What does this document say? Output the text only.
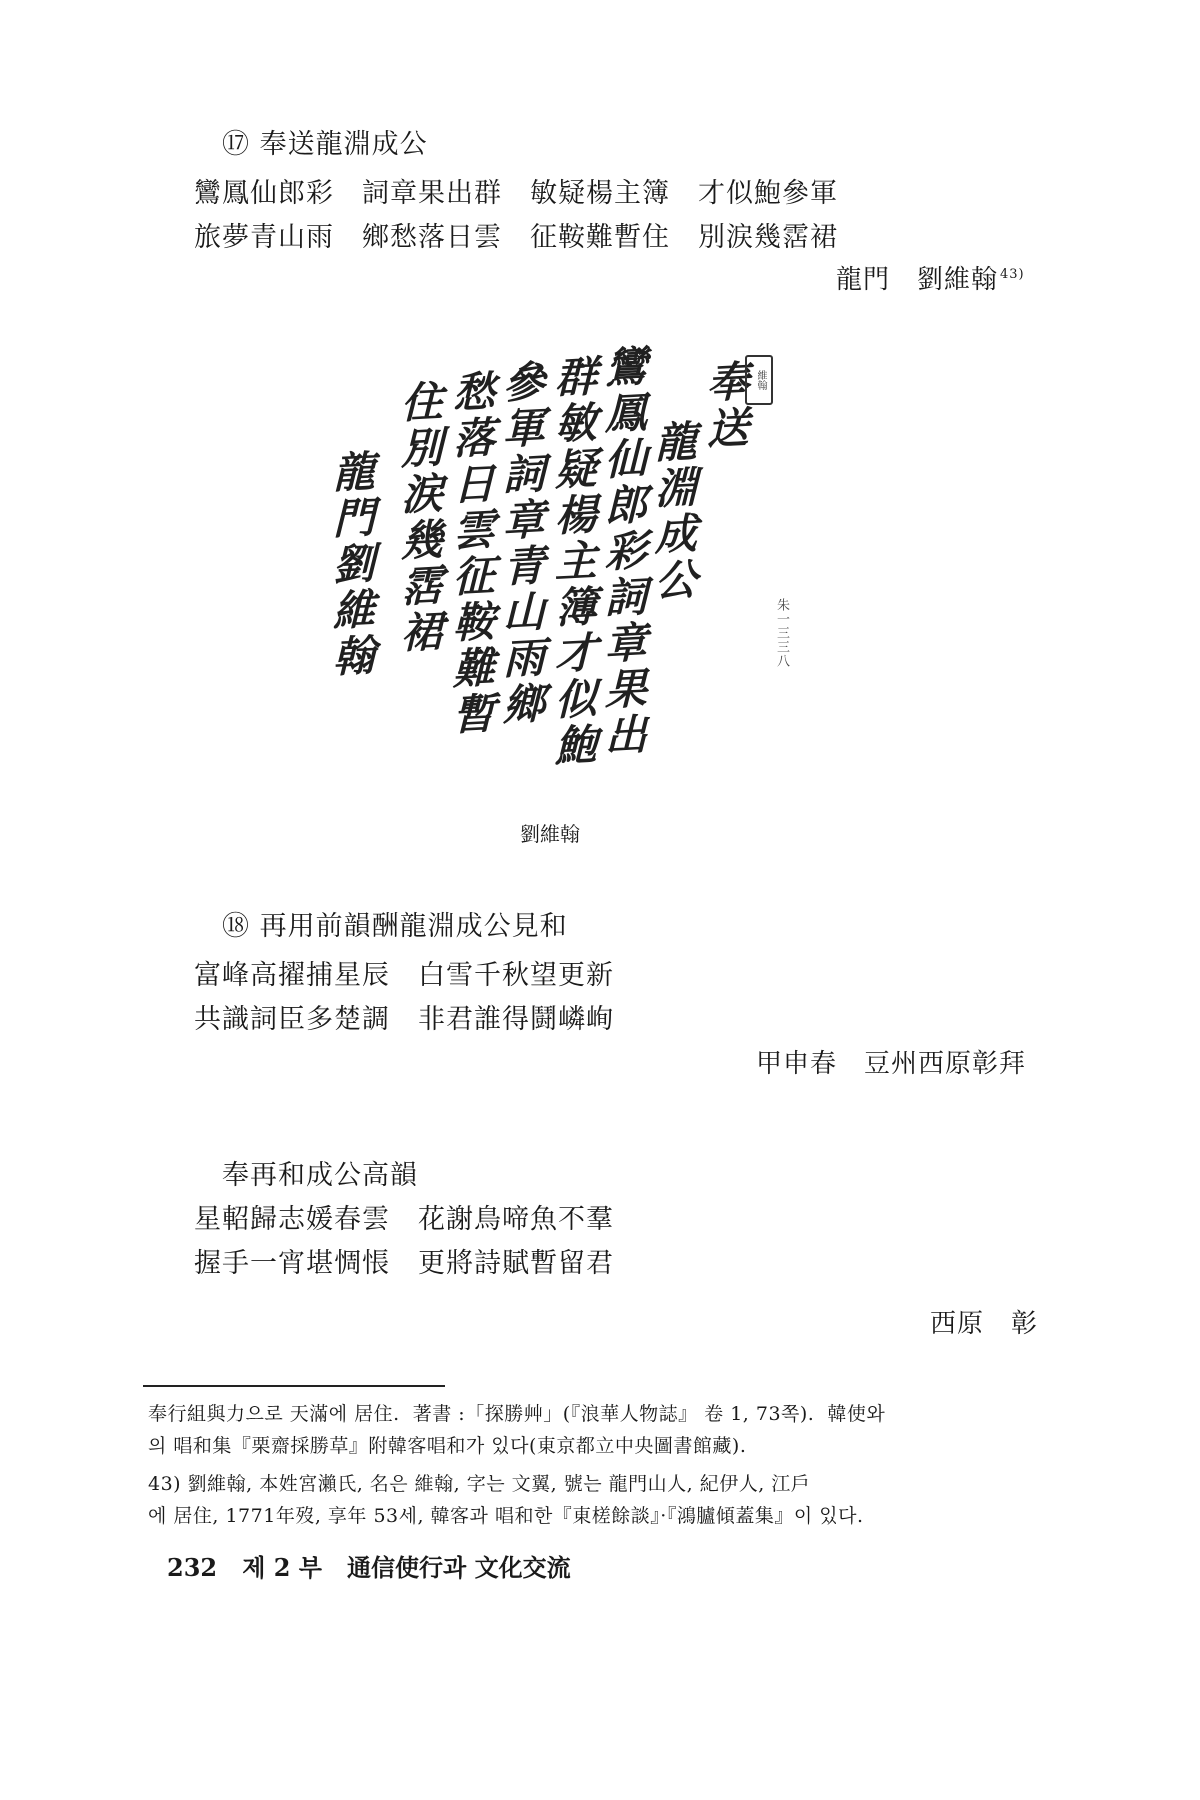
⑰ 奉送龍淵成公
鸞鳳仙郎彩　詞章果出群　敏疑楊主簿　才似鮑參軍
旅夢青山雨　鄉愁落日雲　征鞍難暫住　別涙幾霑裙
龍門　劉維翰 $^{43)}$
奉送
龍淵成公
鸞鳳仙郎彩詞章果出
群敏疑楊主簿才似鮑
參軍詞章青山雨鄉
愁落日雲征鞍難暫
住別涙幾霑裙
龍門劉維翰
維翰
朱一三三八
劉維翰
⑱ 再用前韻酬龍淵成公見和
富峰高擢捕星辰　白雪千秋望更新
共識詞臣多楚調　非君誰得鬪嶙峋
甲申春　豆州西原彰拜
奉再和成公高韻
星軺歸志媛春雲　花謝鳥啼魚不羣
握手一宵堪惆悵　更將詩賦暫留君
西原　彰
奉行組與力으로 天滿에 居住.  著書 :「探勝艸」(『浪華人物誌』 卷 1, 73쪽).  韓使와
의 唱和集『栗齋採勝草』附韓客唱和가 있다(東京都立中央圖書館藏).
43) 劉維翰, 本姓宮瀨氏, 名은 維翰, 字는 文翼, 號는 龍門山人, 紀伊人, 江戶
에 居住, 1771年歿, 享年 53세, 韓客과 唱和한『東槎餘談』·『鴻臚傾蓋集』이 있다.
232 제 2 부 通信使行과 文化交流
